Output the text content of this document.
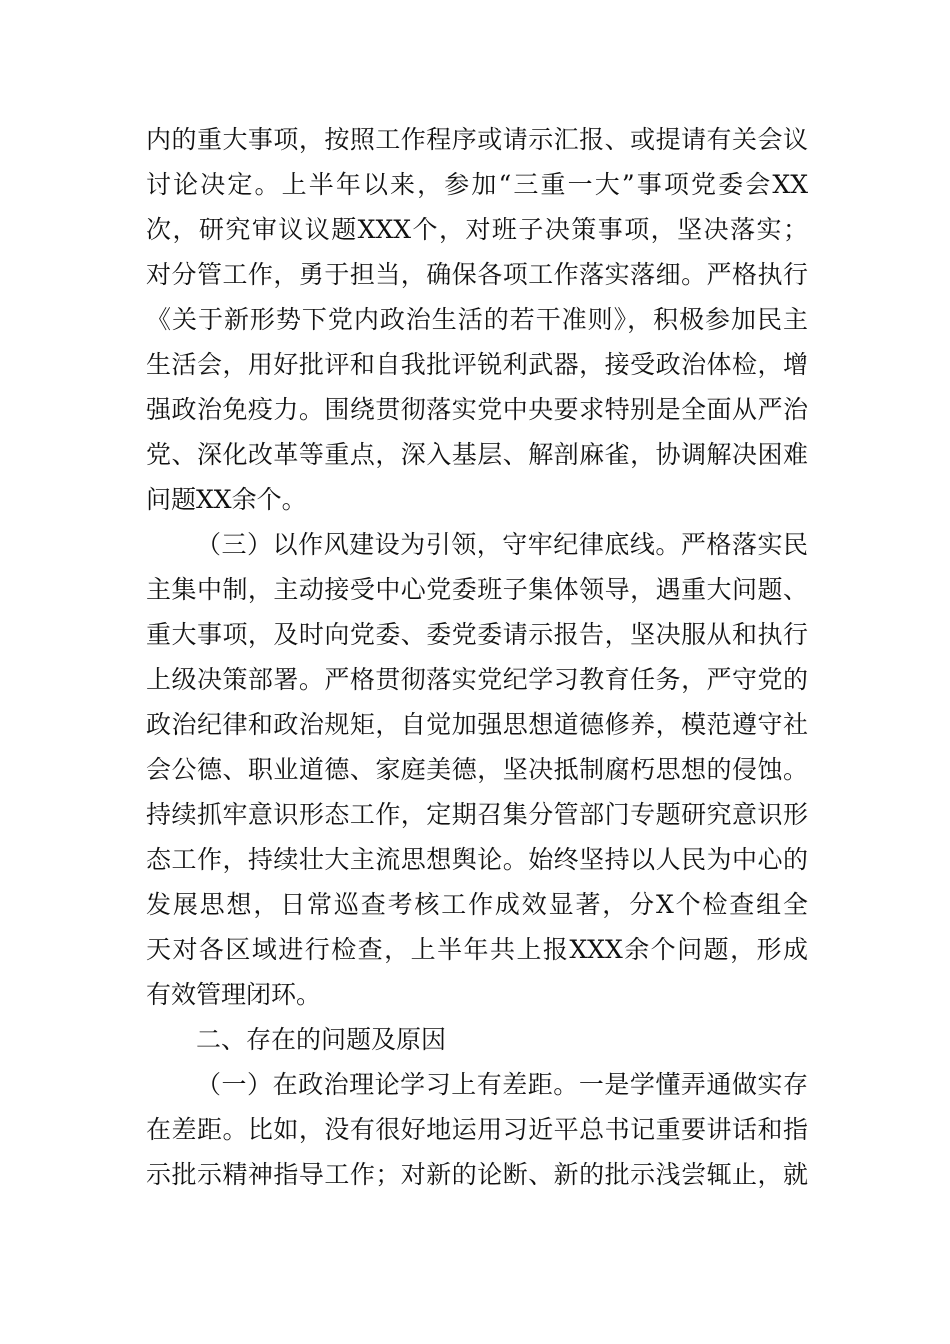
内的重大事项，按照工作程序或请示汇报、或提请有关会议
讨论决定。上半年以来，参加“三重一大”事项党委会XX
次，研究审议议题XXX个，对班子决策事项，坚决落实；
对分管工作，勇于担当，确保各项工作落实落细。严格执行
《关于新形势下党内政治生活的若干准则》，积极参加民主
生活会，用好批评和自我批评锐利武器，接受政治体检，增
强政治免疫力。围绕贯彻落实党中央要求特别是全面从严治
党、深化改革等重点，深入基层、解剖麻雀，协调解决困难
问题XX余个。
（三）以作风建设为引领，守牢纪律底线。严格落实民
主集中制，主动接受中心党委班子集体领导，遇重大问题、
重大事项，及时向党委、委党委请示报告，坚决服从和执行
上级决策部署。严格贯彻落实党纪学习教育任务，严守党的
政治纪律和政治规矩，自觉加强思想道德修养，模范遵守社
会公德、职业道德、家庭美德，坚决抵制腐朽思想的侵蚀。
持续抓牢意识形态工作，定期召集分管部门专题研究意识形
态工作，持续壮大主流思想舆论。始终坚持以人民为中心的
发展思想，日常巡查考核工作成效显著，分X个检查组全
天对各区域进行检查，上半年共上报XXX余个问题，形成
有效管理闭环。
二、存在的问题及原因
（一）在政治理论学习上有差距。一是学懂弄通做实存
在差距。比如，没有很好地运用习近平总书记重要讲话和指
示批示精神指导工作；对新的论断、新的批示浅尝辄止，就
